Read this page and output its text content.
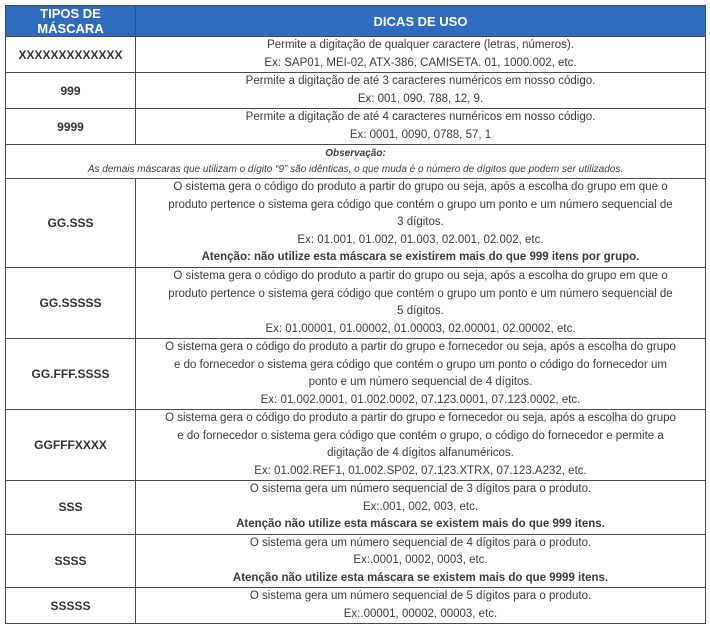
TIPOS DE MÁSCARA	DICAS DE USO
XXXXXXXXXXXXX	Permite a digitação de qualquer caractere (letras, números).
Ex: SAP01, MEI-02, ATX-386, CAMISETA. 01, 1000.002, etc.

999	Permite a digitação de até 3 caracteres numéricos em nosso código.
Ex: 001, 090, 788, 12, 9.

9999	Permite a digitação de até 4 caracteres numéricos em nosso código.
Ex: 0001, 0090, 0788, 57, 1

Observação:
As demais máscaras que utilizam o dígito “9” são idênticas, o que muda é o número de dígitos que podem ser utilizados.	

GG.SSS	O sistema gera o código do produto a partir do grupo ou seja, após a escolha do grupo em que o
produto pertence o sistema gera código que contém o grupo um ponto e um número sequencial de
3 dígitos.
Ex: 01.001, 01.002, 01.003, 02.001, 02.002, etc.
Atenção: não utilize esta máscara se existirem mais do que 999 itens por grupo.

GG.SSSSS	O sistema gera o código do produto a partir do grupo ou seja, após a escolha do grupo em que o
produto pertence o sistema gera código que contém o grupo um ponto e um número sequencial de
5 dígitos.
Ex: 01.00001, 01.00002, 01.00003, 02.00001, 02.00002, etc.

GG.FFF.SSSS	O sistema gera o código do produto a partir do grupo e fornecedor ou seja, após a escolha do grupo
e do fornecedor o sistema gera código que contém o grupo um ponto o código do fornecedor um
ponto e um número sequencial de 4 dígitos.
Ex: 01.002.0001, 01.002.0002, 07.123.0001, 07.123.0002, etc.

GGFFFXXXX	O sistema gera o código do produto a partir do grupo e fornecedor ou seja, após a escolha do grupo
e do fornecedor o sistema gera código que contém o grupo, o código do fornecedor e permite a
digitação de 4 dígitos alfanuméricos.
Ex: 01.002.REF1, 01.002.SP02, 07.123.XTRX, 07.123.A232, etc.

SSS	O sistema gera um número sequencial de 3 dígitos para o produto.
Ex:.001, 002, 003, etc.
Atenção não utilize esta máscara se existem mais do que 999 itens.

SSSS	O sistema gera um número sequencial de 4 dígitos para o produto.
Ex:.0001, 0002, 0003, etc.
Atenção não utilize esta máscara se existem mais do que 9999 itens.

SSSSS	O sistema gera um número sequencial de 5 dígitos para o produto.
Ex:.00001, 00002, 00003, etc.
